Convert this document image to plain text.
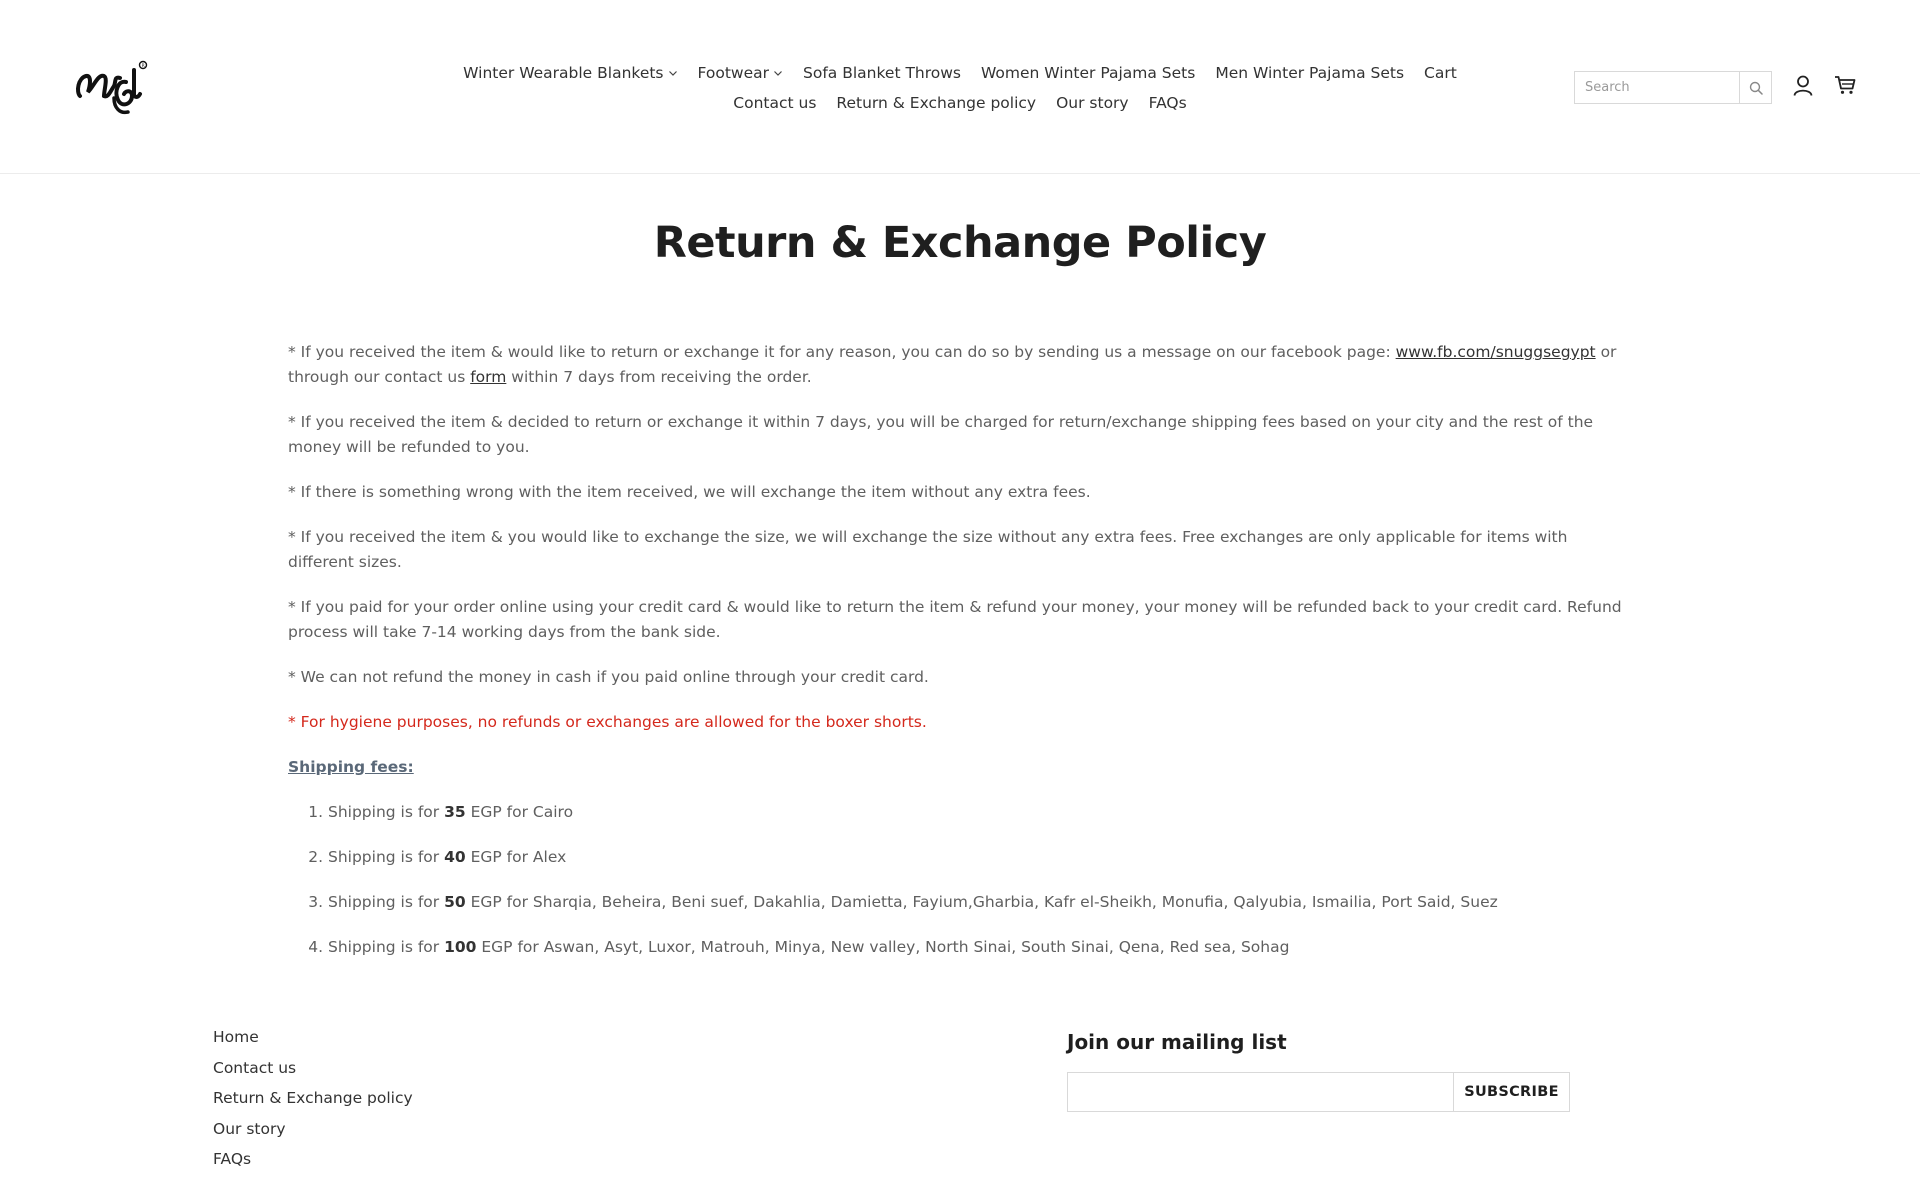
R	Winter Wearable Blankets Footwear Sofa Blanket Throws Women Winter Pajama Sets Men Winter Pajama Sets Cart
Contact us Return & Exchange policy Our story FAQs
Search
Return & Exchange Policy

* If you received the item & would like to return or exchange it for any reason, you can do so by sending us a message on our facebook page: www.fb.com/snuggsegypt or through our contact us form within 7 days from receiving the order.

* If you received the item & decided to return or exchange it within 7 days, you will be charged for return/exchange shipping fees based on your city and the rest of the money will be refunded to you.

* If there is something wrong with the item received, we will exchange the item without any extra fees.

* If you received the item & you would like to exchange the size, we will exchange the size without any extra fees. Free exchanges are only applicable for items with different sizes.

* If you paid for your order online using your credit card & would like to return the item & refund your money, your money will be refunded back to your credit card. Refund process will take 7-14 working days from the bank side.

* We can not refund the money in cash if you paid online through your credit card.

* For hygiene purposes, no refunds or exchanges are allowed for the boxer shorts.

Shipping fees:

1. Shipping is for 35 EGP for Cairo
2. Shipping is for 40 EGP for Alex
3. Shipping is for 50 EGP for Sharqia, Beheira, Beni suef, Dakahlia, Damietta, Fayium,Gharbia, Kafr el-Sheikh, Monufia, Qalyubia, Ismailia, Port Said, Suez
4. Shipping is for 100 EGP for Aswan, Asyt, Luxor, Matrouh, Minya, New valley, North Sinai, South Sinai, Qena, Red sea, Sohag
Home
Contact us
Return & Exchange policy
Our story
FAQs
Join our mailing list
SUBSCRIBE
